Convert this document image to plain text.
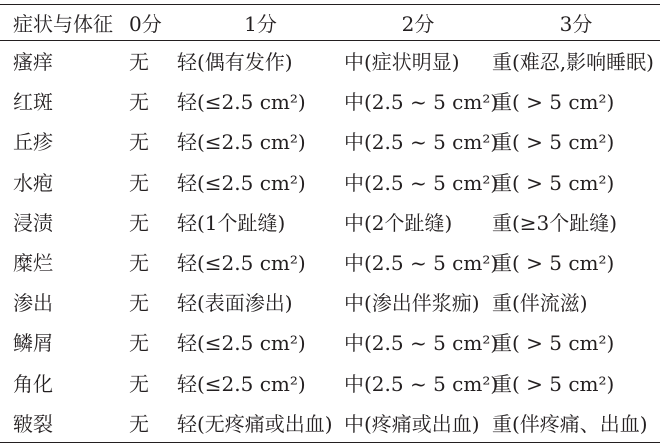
症状与体征	0分	1分	2分	3分
瘙痒	无	轻(偶有发作)	中(症状明显)	重(难忍,影响睡眠)
红斑	无	轻(≤2.5 cm²)	中(2.5 ~ 5 cm²)	重( > 5 cm²)
丘疹	无	轻(≤2.5 cm²)	中(2.5 ~ 5 cm²)	重( > 5 cm²)
水疱	无	轻(≤2.5 cm²)	中(2.5 ~ 5 cm²)	重( > 5 cm²)
浸渍	无	轻(1个趾缝)	中(2个趾缝)	重(≥3个趾缝)
糜烂	无	轻(≤2.5 cm²)	中(2.5 ~ 5 cm²)	重( > 5 cm²)
渗出	无	轻(表面渗出)	中(渗出伴浆痂)	重(伴流滋)
鳞屑	无	轻(≤2.5 cm²)	中(2.5 ~ 5 cm²)	重( > 5 cm²)
角化	无	轻(≤2.5 cm²)	中(2.5 ~ 5 cm²)	重( > 5 cm²)
皲裂	无	轻(无疼痛或出血)	中(疼痛或出血)	重(伴疼痛、出血)
